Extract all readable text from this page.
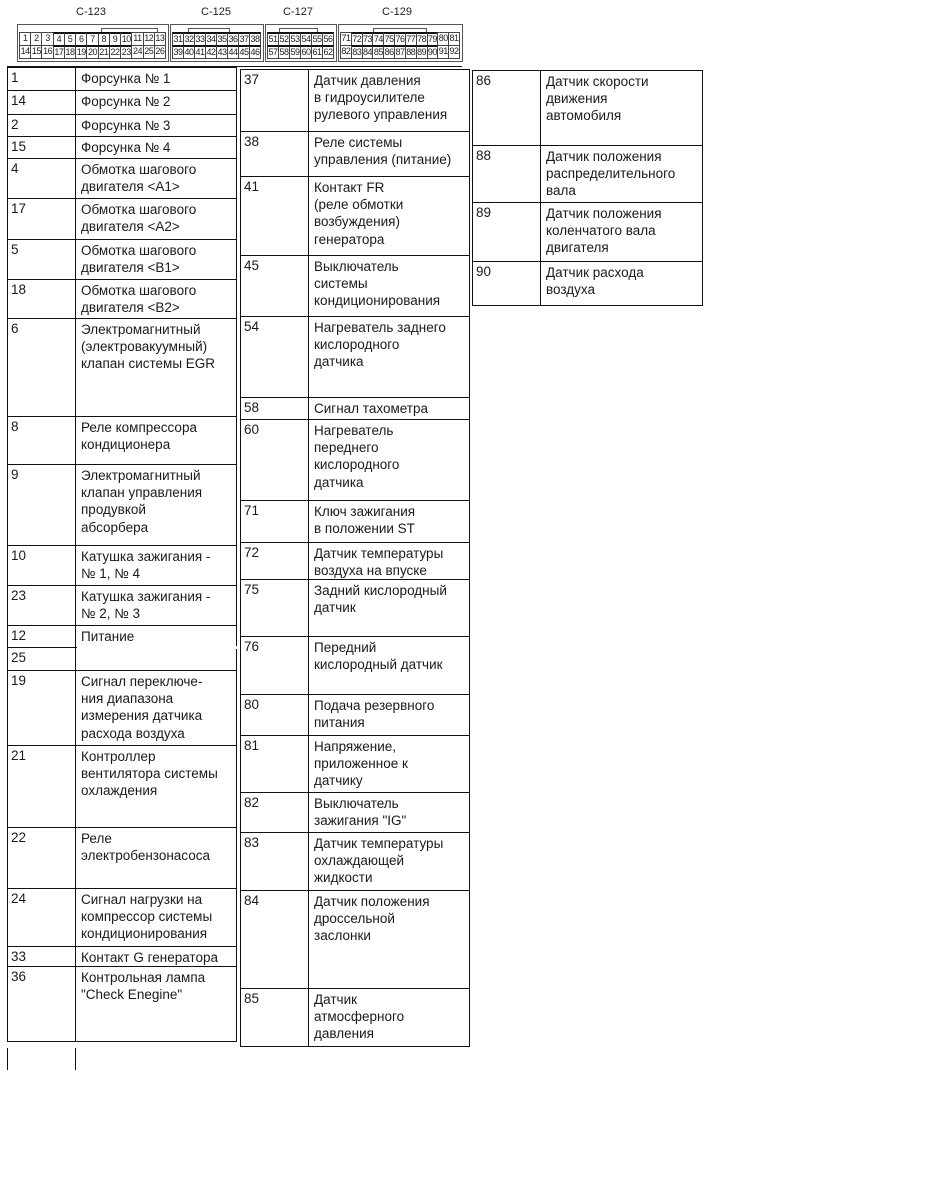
C-123	C-125	C-127	C-129
1 2 3 4 5 6 7 8 9 10 11 12 13
14 15 16 17 18 19 20 21 22 23 24 25 26
31 32 33 34 35 36 37 38
39 40 41 42 43 44 45 46
51 52 53 54 55 56
57 58 59 60 61 62
71 72 73 74 75 76 77 78 79 80 81
82 83 84 85 86 87 88 89 90 91 92
1	Форсунка № 1
14	Форсунка № 2
2	Форсунка № 3
15	Форсунка № 4
4	Обмотка шагового
двигателя <A1>
17	Обмотка шагового
двигателя <A2>
5	Обмотка шагового
двигателя <B1>
18	Обмотка шагового
двигателя <B2>
6	Электромагнитный
(электровакуумный)
клапан системы EGR
8	Реле компрессора
кондиционера
9	Электромагнитный
клапан управления
продувкой
абсорбера
10	Катушка зажигания -
№ 1, № 4
23	Катушка зажигания -
№ 2, № 3
12	Питание
25
19	Сигнал переключе-
ния диапазона
измерения датчика
расхода воздуха
21	Контроллер
вентилятора системы
охлаждения
22	Реле
электробензонасоса
24	Сигнал нагрузки на
компрессор системы
кондиционирования
33	Контакт G генератора
36	Контрольная лампа
"Check Enegine"
37	Датчик давления
в гидроусилителе
рулевого управления
38	Реле системы
управления (питание)
41	Контакт FR
(реле обмотки
возбуждения)
генератора
45	Выключатель
системы
кондиционирования
54	Нагреватель заднего
кислородного
датчика
58	Сигнал тахометра
60	Нагреватель
переднего
кислородного
датчика
71	Ключ зажигания
в положении ST
72	Датчик температуры
воздуха на впуске
75	Задний кислородный
датчик
76	Передний
кислородный датчик
80	Подача резервного
питания
81	Напряжение,
приложенное к
датчику
82	Выключатель
зажигания "IG"
83	Датчик температуры
охлаждающей
жидкости
84	Датчик положения
дроссельной
заслонки
85	Датчик
атмосферного
давления
86	Датчик скорости
движения
автомобиля
88	Датчик положения
распределительного
вала
89	Датчик положения
коленчатого вала
двигателя
90	Датчик расхода
воздуха
